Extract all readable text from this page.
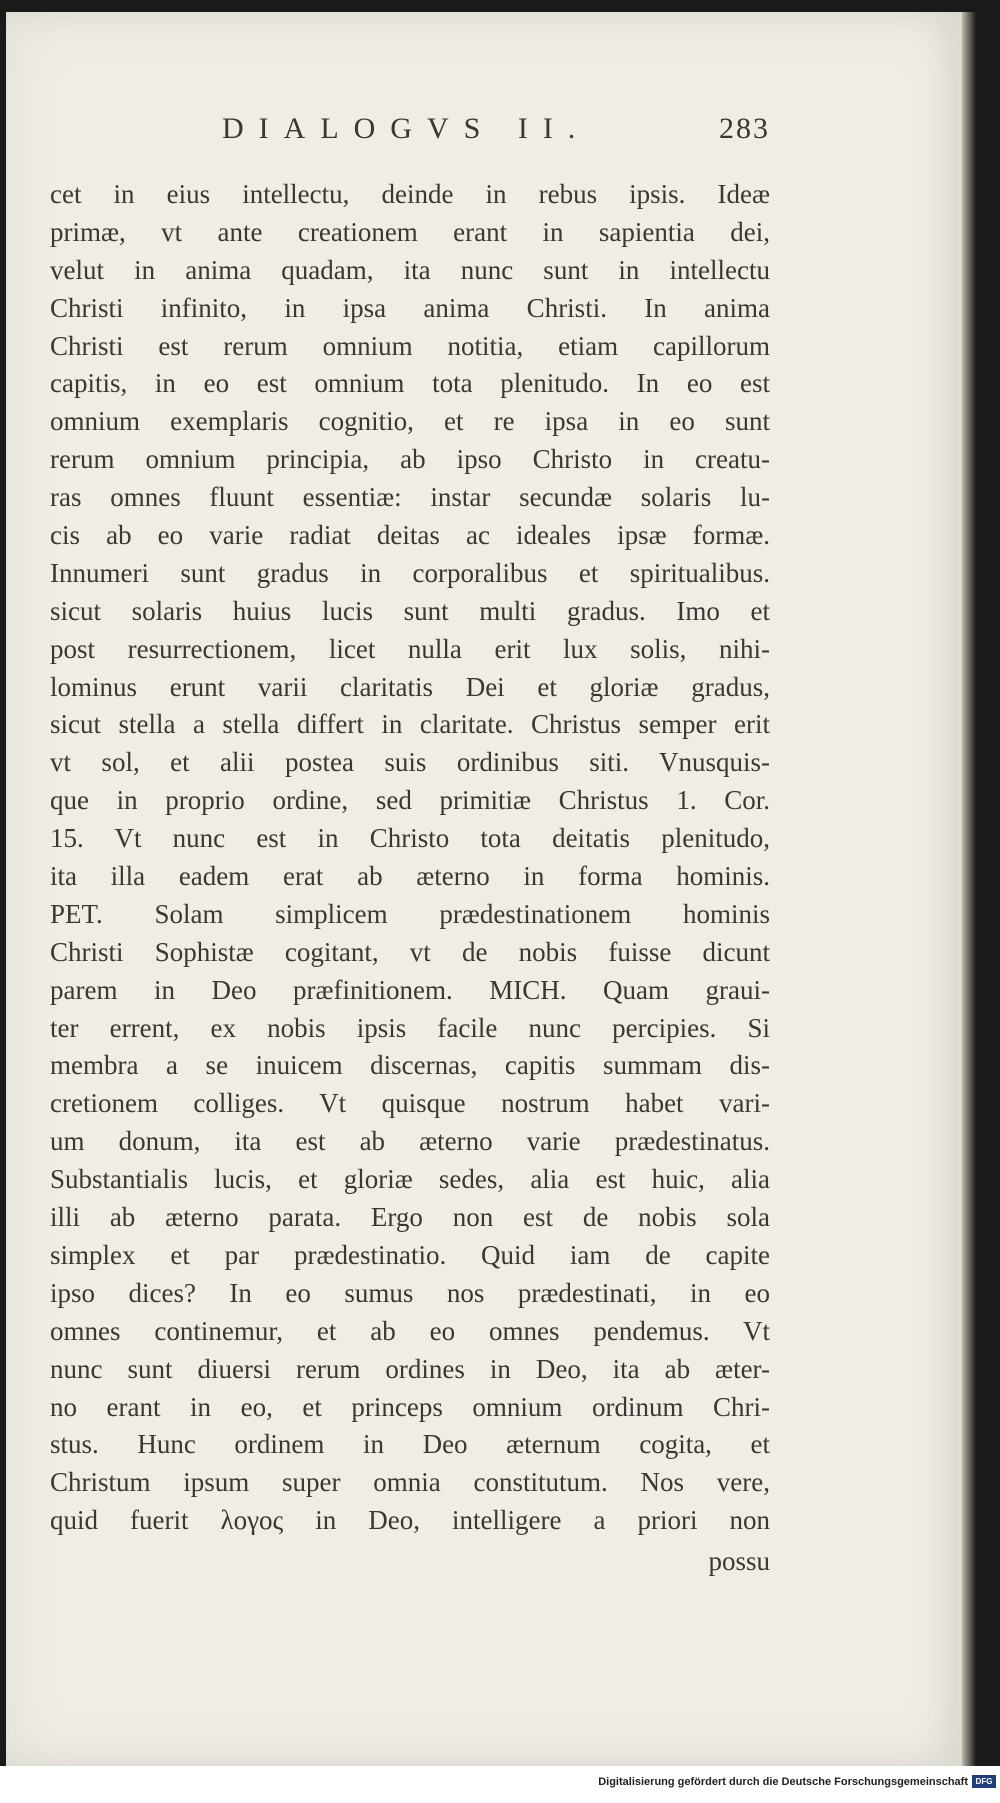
DIALOGVS II.	283
cet in eius intellectu, deinde in rebus ipsis. Ideæ
primæ, vt ante creationem erant in sapientia dei,
velut in anima quadam, ita nunc sunt in intellectu
Christi infinito, in ipsa anima Christi. In anima
Christi est rerum omnium notitia, etiam capillorum
capitis, in eo est omnium tota plenitudo. In eo est
omnium exemplaris cognitio, et re ipsa in eo sunt
rerum omnium principia, ab ipso Christo in creatu-
ras omnes fluunt essentiæ: instar secundæ solaris lu-
cis ab eo varie radiat deitas ac ideales ipsæ formæ.
Innumeri sunt gradus in corporalibus et spiritualibus.
sicut solaris huius lucis sunt multi gradus. Imo et
post resurrectionem, licet nulla erit lux solis, nihi-
lominus erunt varii claritatis Dei et gloriæ gradus,
sicut stella a stella differt in claritate. Christus semper erit
vt sol, et alii postea suis ordinibus siti. Vnusquis-
que in proprio ordine, sed primitiæ Christus 1. Cor.
15. Vt nunc est in Christo tota deitatis plenitudo,
ita illa eadem erat ab æterno in forma hominis.
PET. Solam simplicem prædestinationem hominis
Christi Sophistæ cogitant, vt de nobis fuisse dicunt
parem in Deo præfinitionem. MICH. Quam graui-
ter errent, ex nobis ipsis facile nunc percipies. Si
membra a se inuicem discernas, capitis summam dis-
cretionem colliges. Vt quisque nostrum habet vari-
um donum, ita est ab æterno varie prædestinatus.
Substantialis lucis, et gloriæ sedes, alia est huic, alia
illi ab æterno parata. Ergo non est de nobis sola
simplex et par prædestinatio. Quid iam de capite
ipso dices? In eo sumus nos prædestinati, in eo
omnes continemur, et ab eo omnes pendemus. Vt
nunc sunt diuersi rerum ordines in Deo, ita ab æter-
no erant in eo, et princeps omnium ordinum Chri-
stus. Hunc ordinem in Deo æternum cogita, et
Christum ipsum super omnia constitutum. Nos vere,
quid fuerit λογος in Deo, intelligere a priori non
possu
Digitalisierung gefördert durch die Deutsche Forschungsgemeinschaft DFG
